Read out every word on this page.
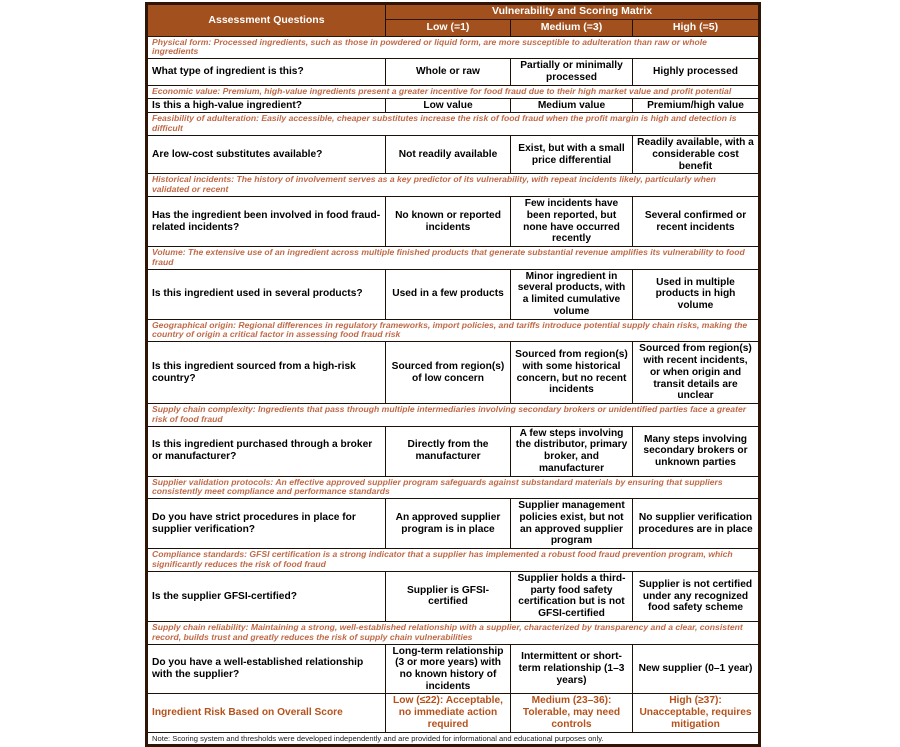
Assessment Questions	Vulnerability and Scoring Matrix		
	Low (=1)	Medium (=3)	High (=5)
Physical form: Processed ingredients, such as those in powdered or liquid form, are more susceptible to adulteration than raw or whole ingredients			
What type of ingredient is this?	Whole or raw	Partially or minimally processed	Highly processed
Economic value: Premium, high-value ingredients present a greater incentive for food fraud due to their high market value and profit potential			
Is this a high-value ingredient?	Low value	Medium value	Premium/high value
Feasibility of adulteration: Easily accessible, cheaper substitutes increase the risk of food fraud when the profit margin is high and detection is difficult			
Are low-cost substitutes available?	Not readily available	Exist, but with a small price differential	Readily available, with a considerable cost benefit
Historical incidents: The history of involvement serves as a key predictor of its vulnerability, with repeat incidents likely, particularly when validated or recent			
Has the ingredient been involved in food fraud-related incidents?	No known or reported incidents	Few incidents have been reported, but none have occurred recently	Several confirmed or recent incidents
Volume: The extensive use of an ingredient across multiple finished products that generate substantial revenue amplifies its vulnerability to food fraud			
Is this ingredient used in several products?	Used in a few products	Minor ingredient in several products, with a limited cumulative volume	Used in multiple products in high volume
Geographical origin: Regional differences in regulatory frameworks, import policies, and tariffs introduce potential supply chain risks, making the country of origin a critical factor in assessing food fraud risk			
Is this ingredient sourced from a high-risk country?	Sourced from region(s) of low concern	Sourced from region(s) with some historical concern, but no recent incidents	Sourced from region(s) with recent incidents, or when origin and transit details are unclear
Supply chain complexity: Ingredients that pass through multiple intermediaries involving secondary brokers or unidentified parties face a greater risk of food fraud			
Is this ingredient purchased through a broker or manufacturer?	Directly from the manufacturer	A few steps involving the distributor, primary broker, and manufacturer	Many steps involving secondary brokers or unknown parties
Supplier validation protocols: An effective approved supplier program safeguards against substandard materials by ensuring that suppliers consistently meet compliance and performance standards			
Do you have strict procedures in place for supplier verification?	An approved supplier program is in place	Supplier management policies exist, but not an approved supplier program	No supplier verification procedures are in place
Compliance standards: GFSI certification is a strong indicator that a supplier has implemented a robust food fraud prevention program, which significantly reduces the risk of food fraud			
Is the supplier GFSI-certified?	Supplier is GFSI-certified	Supplier holds a third-party food safety certification but is not GFSI-certified	Supplier is not certified under any recognized food safety scheme
Supply chain reliability: Maintaining a strong, well-established relationship with a supplier, characterized by transparency and a clear, consistent record, builds trust and greatly reduces the risk of supply chain vulnerabilities			
Do you have a well-established relationship with the supplier?	Long-term relationship (3 or more years) with no known history of incidents	Intermittent or short-term relationship (1–3 years)	New supplier (0–1 year)
Ingredient Risk Based on Overall Score	Low (≤22): Acceptable, no immediate action required	Medium (23–36): Tolerable, may need controls	High (≥37): Unacceptable, requires mitigation
Note: Scoring system and thresholds were developed independently and are provided for informational and educational purposes only.			
